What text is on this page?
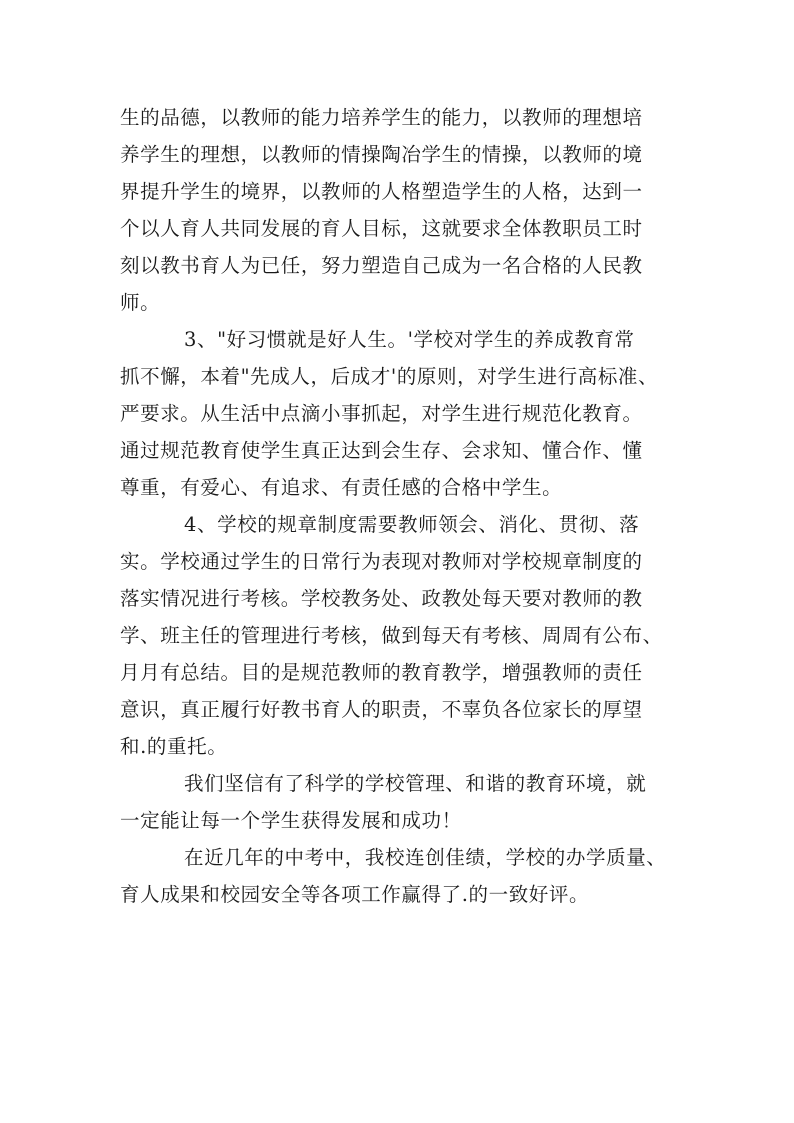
生的品德，以教师的能力培养学生的能力，以教师的理想培
养学生的理想，以教师的情操陶冶学生的情操，以教师的境
界提升学生的境界，以教师的人格塑造学生的人格，达到一
个以人育人共同发展的育人目标，这就要求全体教职员工时
刻以教书育人为已任，努力塑造自己成为一名合格的人民教
师。
3、"好习惯就是好人生。'学校对学生的养成教育常
抓不懈，本着"先成人，后成才'的原则，对学生进行高标准、
严要求。从生活中点滴小事抓起，对学生进行规范化教育。
通过规范教育使学生真正达到会生存、会求知、懂合作、懂
尊重，有爱心、有追求、有责任感的合格中学生。
4、学校的规章制度需要教师领会、消化、贯彻、落
实。学校通过学生的日常行为表现对教师对学校规章制度的
落实情况进行考核。学校教务处、政教处每天要对教师的教
学、班主任的管理进行考核，做到每天有考核、周周有公布、
月月有总结。目的是规范教师的教育教学，增强教师的责任
意识，真正履行好教书育人的职责，不辜负各位家长的厚望
和.的重托。
我们坚信有了科学的学校管理、和谐的教育环境，就
一定能让每一个学生获得发展和成功！
在近几年的中考中，我校连创佳绩，学校的办学质量、
育人成果和校园安全等各项工作赢得了.的一致好评。
